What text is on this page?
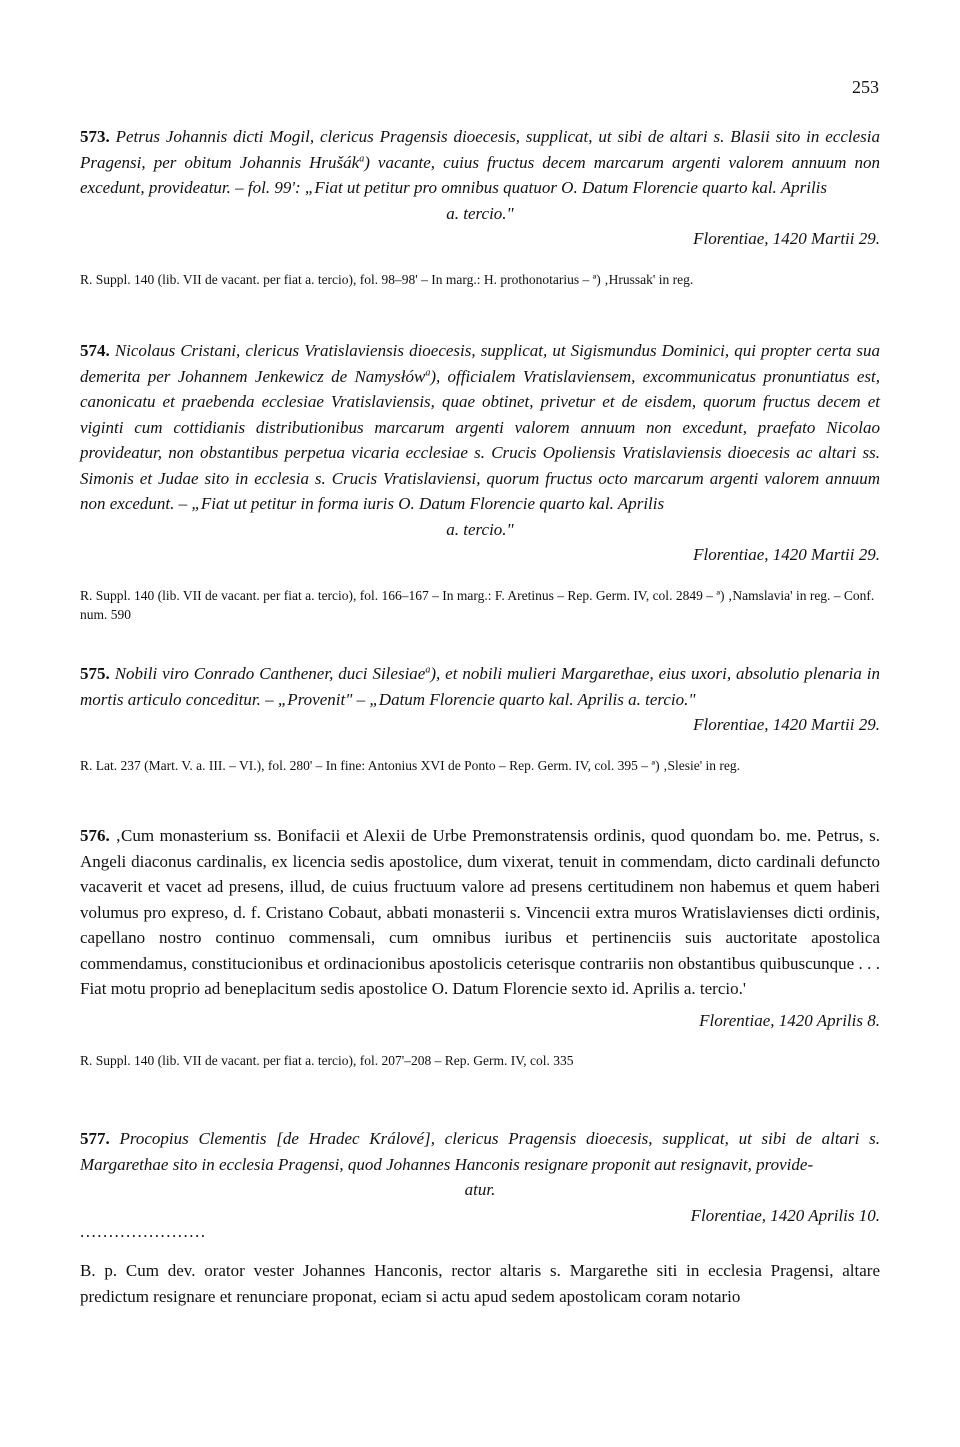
253

573. Petrus Johannis dicti Mogil, clericus Pragensis dioecesis, supplicat, ut sibi de altari s. Blasii sito in ecclesia Pragensi, per obitum Johannis Hrušák$^a$) vacante, cuius fructus decem marcarum argenti valorem annuum non excedunt, provideatur. – fol. 99': „Fiat ut petitur pro omnibus quatuor O. Datum Florencie quarto kal. Aprilis

a. tercio."

Florentiae, 1420 Martii 29.

R. Suppl. 140 (lib. VII de vacant. per fiat a. tercio), fol. 98–98' – In marg.: H. prothonotarius – ª) ‚Hrussak' in reg.

574. Nicolaus Cristani, clericus Vratislaviensis dioecesis, supplicat, ut Sigismundus Dominici, qui propter certa sua demerita per Johannem Jenkewicz de Namysłów$^a$), officialem Vratislaviensem, excommunicatus pronuntiatus est, canonicatu et praebenda ecclesiae Vratislaviensis, quae obtinet, privetur et de eisdem, quorum fructus decem et viginti cum cottidianis distributionibus marcarum argenti valorem annuum non excedunt, praefato Nicolao provideatur, non obstantibus perpetua vicaria ecclesiae s. Crucis Opoliensis Vratislaviensis dioecesis ac altari ss. Simonis et Judae sito in ecclesia s. Crucis Vratislaviensi, quorum fructus octo marcarum argenti valorem annuum non excedunt. – „Fiat ut petitur in forma iuris O. Datum Florencie quarto kal. Aprilis

a. tercio."

Florentiae, 1420 Martii 29.

R. Suppl. 140 (lib. VII de vacant. per fiat a. tercio), fol. 166–167 – In marg.: F. Aretinus – Rep. Germ. IV, col. 2849 – ª) ‚Namslavia' in reg. – Conf. num. 590

575. Nobili viro Conrado Canthener, duci Silesiae$^a$), et nobili mulieri Margarethae, eius uxori, absolutio plenaria in mortis articulo conceditur. – „Provenit" – „Datum Florencie quarto kal. Aprilis a. tercio."

Florentiae, 1420 Martii 29.

R. Lat. 237 (Mart. V. a. III. – VI.), fol. 280' – In fine: Antonius XVI de Ponto – Rep. Germ. IV, col. 395 – ª) ‚Slesie' in reg.

576. ‚Cum monasterium ss. Bonifacii et Alexii de Urbe Premonstratensis ordinis, quod quondam bo. me. Petrus, s. Angeli diaconus cardinalis, ex licencia sedis apostolice, dum vixerat, tenuit in commendam, dicto cardinali defuncto vacaverit et vacet ad presens, illud, de cuius fructuum valore ad presens certitudinem non habemus et quem haberi volumus pro expreso, d. f. Cristano Cobaut, abbati monasterii s. Vincencii extra muros Wratislavienses dicti ordinis, capellano nostro continuo commensali, cum omnibus iuribus et pertinenciis suis auctoritate apostolica commendamus, constitucionibus et ordinacionibus apostolicis ceterisque contrariis non obstantibus quibuscunque . . . Fiat motu proprio ad beneplacitum sedis apostolice O. Datum Florencie sexto id. Aprilis a. tercio.'

Florentiae, 1420 Aprilis 8.

R. Suppl. 140 (lib. VII de vacant. per fiat a. tercio), fol. 207'–208 – Rep. Germ. IV, col. 335

577. Procopius Clementis [de Hradec Králové], clericus Pragensis dioecesis, supplicat, ut sibi de altari s. Margarethae sito in ecclesia Pragensi, quod Johannes Hanconis resignare proponit aut resignavit, provide-

atur.

Florentiae, 1420 Aprilis 10.

......................

B. p. Cum dev. orator vester Johannes Hanconis, rector altaris s. Margarethe siti in ecclesia Pragensi, altare predictum resignare et renunciare proponat, eciam si actu apud sedem apostolicam coram notario
